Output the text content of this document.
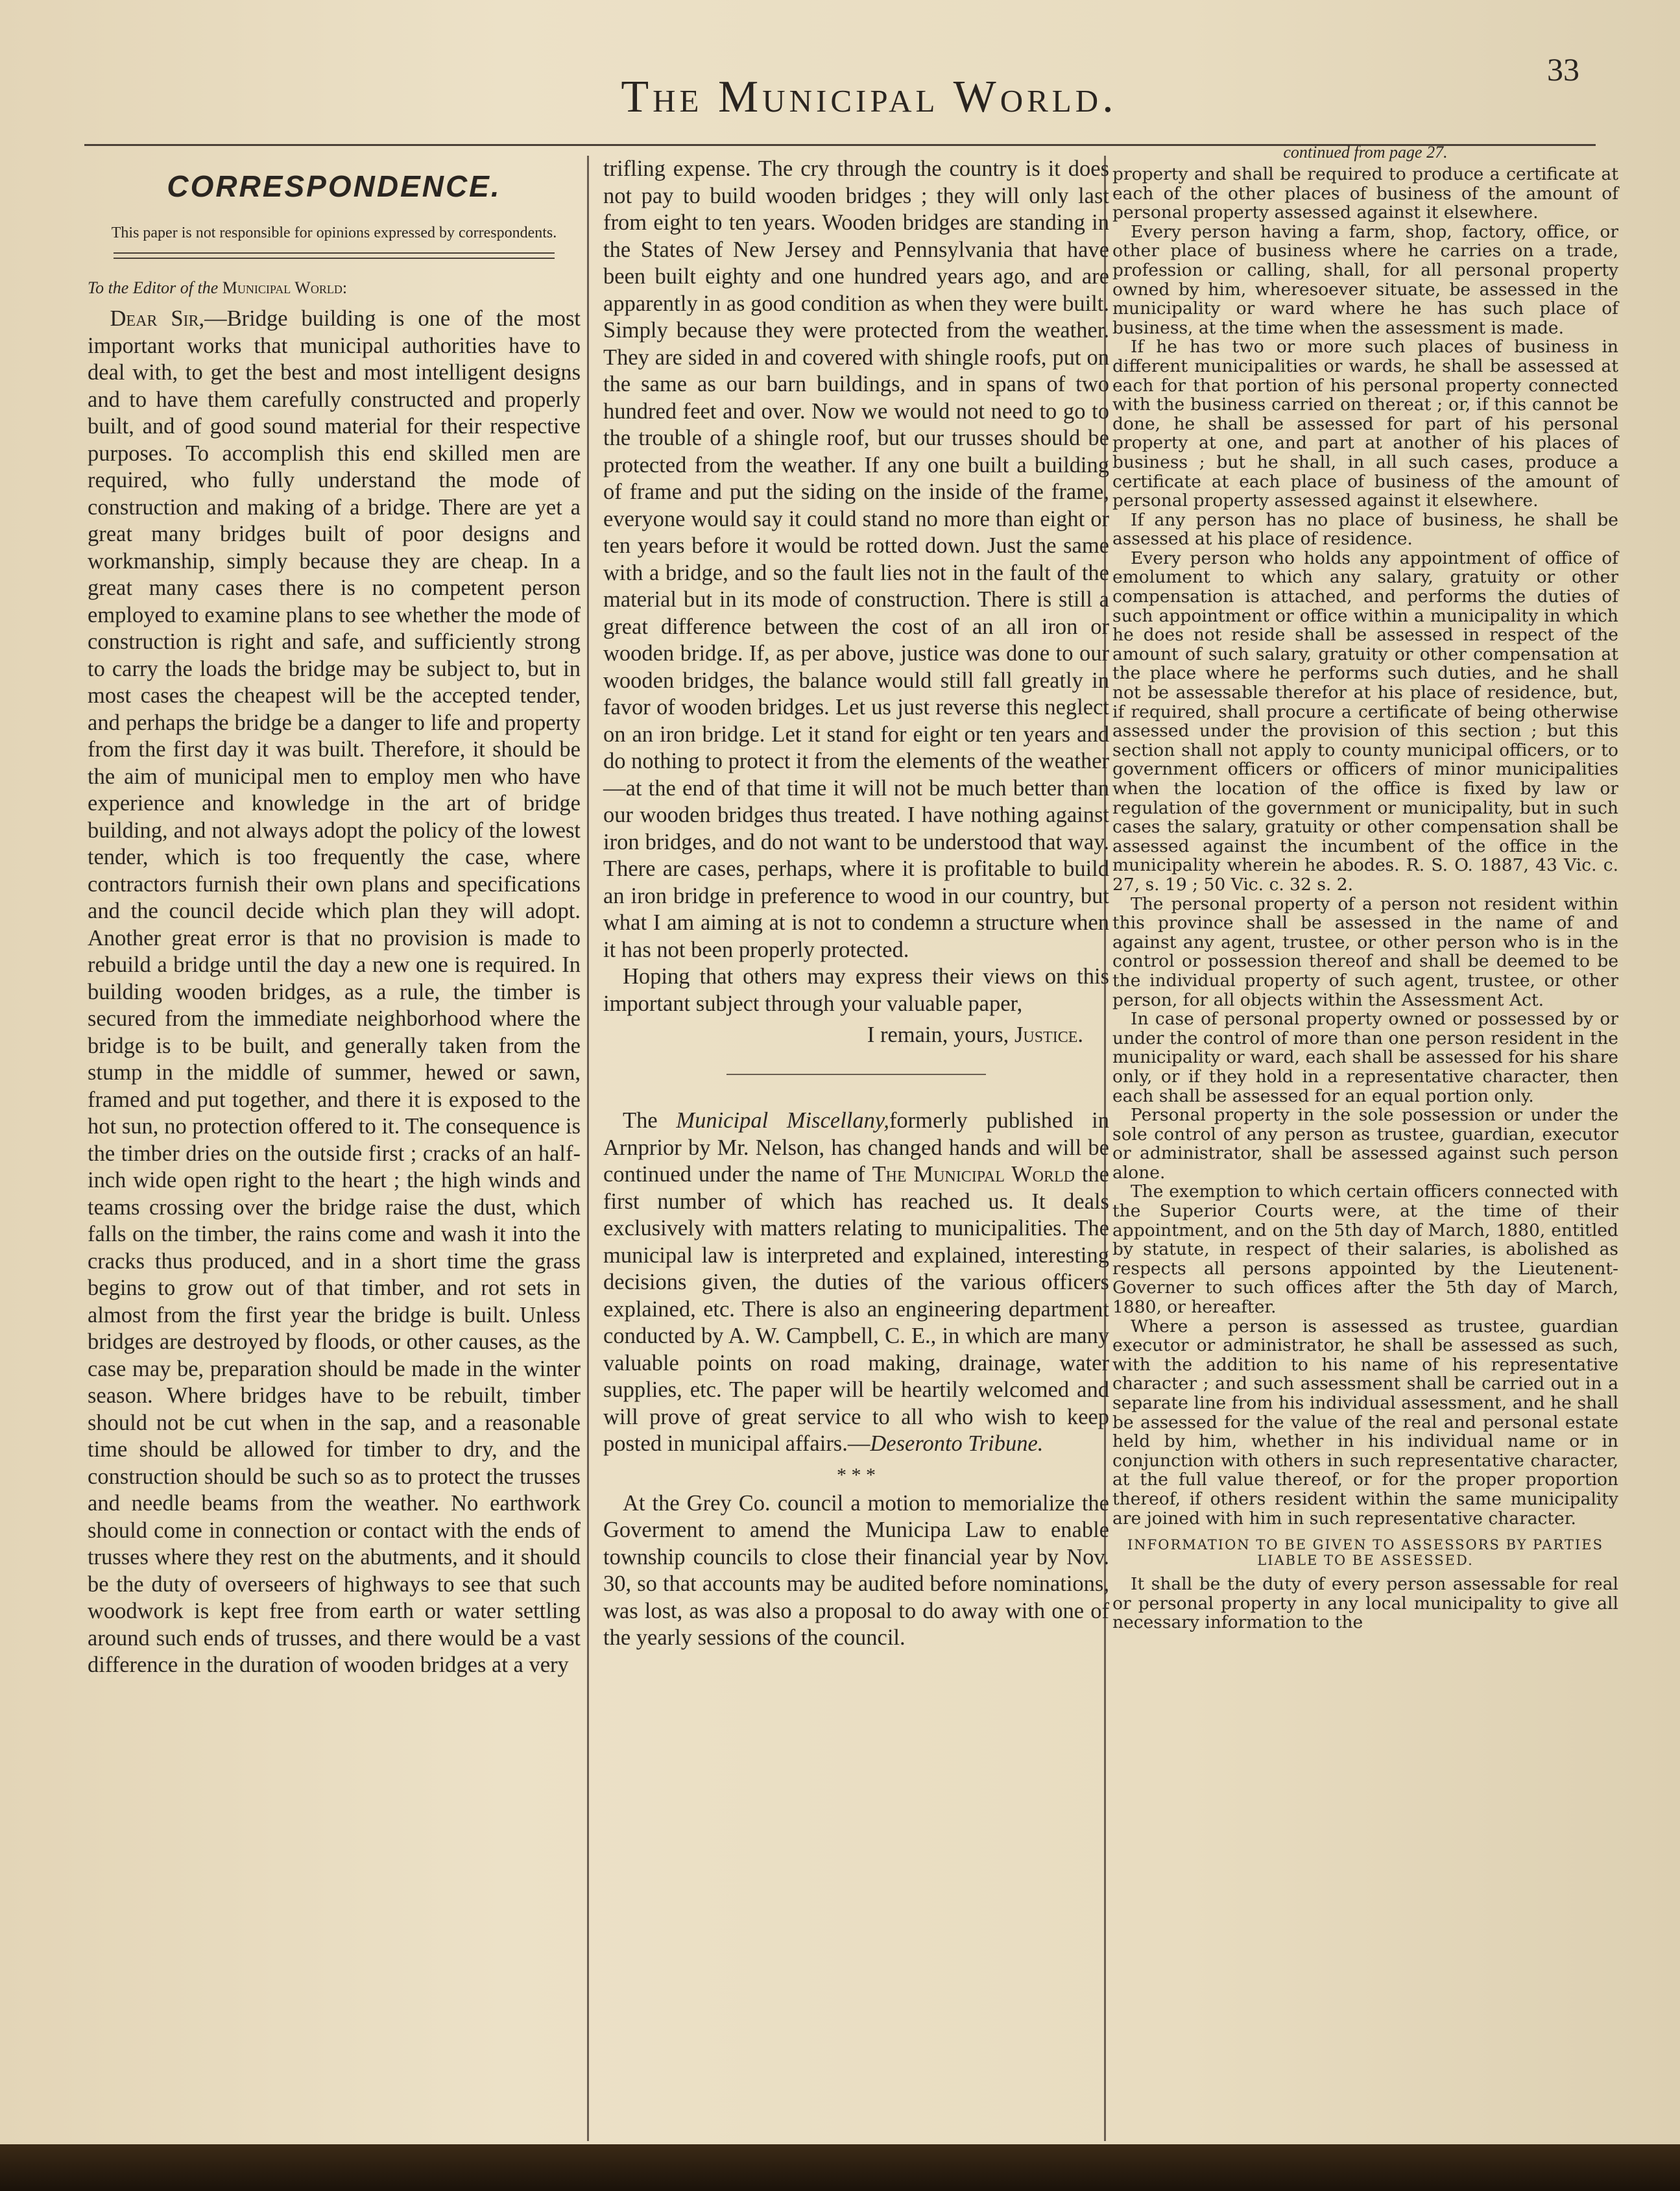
The Municipal World.
33
CORRESPONDENCE.
This paper is not responsible for opinions expressed by correspondents.

To the Editor of the Municipal World:

  Dear Sir,—Bridge building is one of the most important works that municipal authorities have to deal with, to get the best and most intelligent designs and to have them carefully constructed and properly built, and of good sound material for their respective purposes. To accomplish this end skilled men are required, who fully understand the mode of construction and making of a bridge. There are yet a great many bridges built of poor designs and workmanship, simply because they are cheap. In a great many cases there is no competent person employed to examine plans to see whether the mode of construction is right and safe, and sufficiently strong to carry the loads the bridge may be subject to, but in most cases the cheapest will be the accepted tender, and perhaps the bridge be a danger to life and property from the first day it was built. Therefore, it should be the aim of municipal men to employ men who have experience and knowledge in the art of bridge building, and not always adopt the policy of the lowest tender, which is too frequently the case, where contractors furnish their own plans and specifications and the council decide which plan they will adopt. Another great error is that no provision is made to rebuild a bridge until the day a new one is required. In building wooden bridges, as a rule, the timber is secured from the immediate neighborhood where the bridge is to be built, and generally taken from the stump in the middle of summer, hewed or sawn, framed and put together, and there it is exposed to the hot sun, no protection offered to it. The consequence is the timber dries on the outside first ; cracks of an half-inch wide open right to the heart ; the high winds and teams crossing over the bridge raise the dust, which falls on the timber, the rains come and wash it into the cracks thus produced, and in a short time the grass begins to grow out of that timber, and rot sets in almost from the first year the bridge is built. Unless bridges are destroyed by floods, or other causes, as the case may be, preparation should be made in the winter season. Where bridges have to be rebuilt, timber should not be cut when in the sap, and a reasonable time should be allowed for timber to dry, and the construction should be such so as to protect the trusses and needle beams from the weather. No earthwork should come in connection or contact with the ends of trusses where they rest on the abutments, and it should be the duty of overseers of highways to see that such woodwork is kept free from earth or water settling around such ends of trusses, and there would be a vast difference in the duration of wooden bridges at a very

trifling expense. The cry through the country is it does not pay to build wooden bridges ; they will only last from eight to ten years. Wooden bridges are standing in the States of New Jersey and Pennsylvania that have been built eighty and one hundred years ago, and are apparently in as good condition as when they were built. Simply because they were protected from the weather. They are sided in and covered with shingle roofs, put on the same as our barn buildings, and in spans of two hundred feet and over. Now we would not need to go to the trouble of a shingle roof, but our trusses should be protected from the weather. If any one built a building of frame and put the siding on the inside of the frame, everyone would say it could stand no more than eight or ten years before it would be rotted down. Just the same with a bridge, and so the fault lies not in the fault of the material but in its mode of construction. There is still a great difference between the cost of an all iron or wooden bridge. If, as per above, justice was done to our wooden bridges, the balance would still fall greatly in favor of wooden bridges. Let us just reverse this neglect on an iron bridge. Let it stand for eight or ten years and do nothing to protect it from the elements of the weather—at the end of that time it will not be much better than our wooden bridges thus treated. I have nothing against iron bridges, and do not want to be understood that way. There are cases, perhaps, where it is profitable to build an iron bridge in preference to wood in our country, but what I am aiming at is not to condemn a structure when it has not been properly protected.

Hoping that others may express their views on this important subject through your valuable paper,

I remain, yours, Justice.

The Municipal Miscellany,formerly published in Arnprior by Mr. Nelson, has changed hands and will be continued under the name of The Municipal World the first number of which has reached us. It deals exclusively with matters relating to municipalities. The municipal law is interpreted and explained, interesting decisions given, the duties of the various officers explained, etc. There is also an engineering department conducted by A. W. Campbell, C. E., in which are many valuable points on road making, drainage, water supplies, etc. The paper will be heartily welcomed and will prove of great service to all who wish to keep posted in municipal affairs.—Deseronto Tribune.

* * *

At the Grey Co. council a motion to memorialize the Goverment to amend the Municipa Law to enable township councils to close their financial year by Nov. 30, so that accounts may be audited before nominations, was lost, as was also a proposal to do away with one of the yearly sessions of the council.

continued from page 27.

property and shall be required to produce a certificate at each of the other places of business of the amount of personal property assessed against it elsewhere.

Every person having a farm, shop, factory, office, or other place of business where he carries on a trade, profession or calling, shall, for all personal property owned by him, wheresoever situate, be assessed in the municipality or ward where he has such place of business, at the time when the assessment is made.

If he has two or more such places of business in different municipalities or wards, he shall be assessed at each for that portion of his personal property connected with the business carried on thereat ; or, if this cannot be done, he shall be assessed for part of his personal property at one, and part at another of his places of business ; but he shall, in all such cases, produce a certificate at each place of business of the amount of personal property assessed against it elsewhere.

If any person has no place of business, he shall be assessed at his place of residence.

Every person who holds any appointment of office of emolument to which any salary, gratuity or other compensation is attached, and performs the duties of such appointment or office within a municipality in which he does not reside shall be assessed in respect of the amount of such salary, gratuity or other compensation at the place where he performs such duties, and he shall not be assessable therefor at his place of residence, but, if required, shall procure a certificate of being otherwise assessed under the provision of this section ; but this section shall not apply to county municipal officers, or to government officers or officers of minor municipalities when the location of the office is fixed by law or regulation of the government or municipality, but in such cases the salary, gratuity or other compensation shall be assessed against the incumbent of the office in the municipality wherein he abodes. R. S. O. 1887, 43 Vic. c. 27, s. 19 ; 50 Vic. c. 32 s. 2.

The personal property of a person not resident within this province shall be assessed in the name of and against any agent, trustee, or other person who is in the control or possession thereof and shall be deemed to be the individual property of such agent, trustee, or other person, for all objects within the Assessment Act.

In case of personal property owned or possessed by or under the control of more than one person resident in the municipality or ward, each shall be assessed for his share only, or if they hold in a representative character, then each shall be assessed for an equal portion only.

Personal property in the sole possession or under the sole control of any person as trustee, guardian, executor or administrator, shall be assessed against such person alone.

The exemption to which certain officers connected with the Superior Courts were, at the time of their appointment, and on the 5th day of March, 1880, entitled by statute, in respect of their salaries, is abolished as respects all persons appointed by the Lieutenent-Governer to such offices after the 5th day of March, 1880, or hereafter.

Where a person is assessed as trustee, guardian executor or administrator, he shall be assessed as such, with the addition to his name of his representative character ; and such assessment shall be carried out in a separate line from his individual assessment, and he shall be assessed for the value of the real and personal estate held by him, whether in his individual name or in conjunction with others in such representative character, at the full value thereof, or for the proper proportion thereof, if others resident within the same municipality are joined with him in such representative character.

INFORMATION TO BE GIVEN TO ASSESSORS BY PARTIES LIABLE TO BE ASSESSED.

It shall be the duty of every person assessable for real or personal property in any local municipality to give all necessary information to the
